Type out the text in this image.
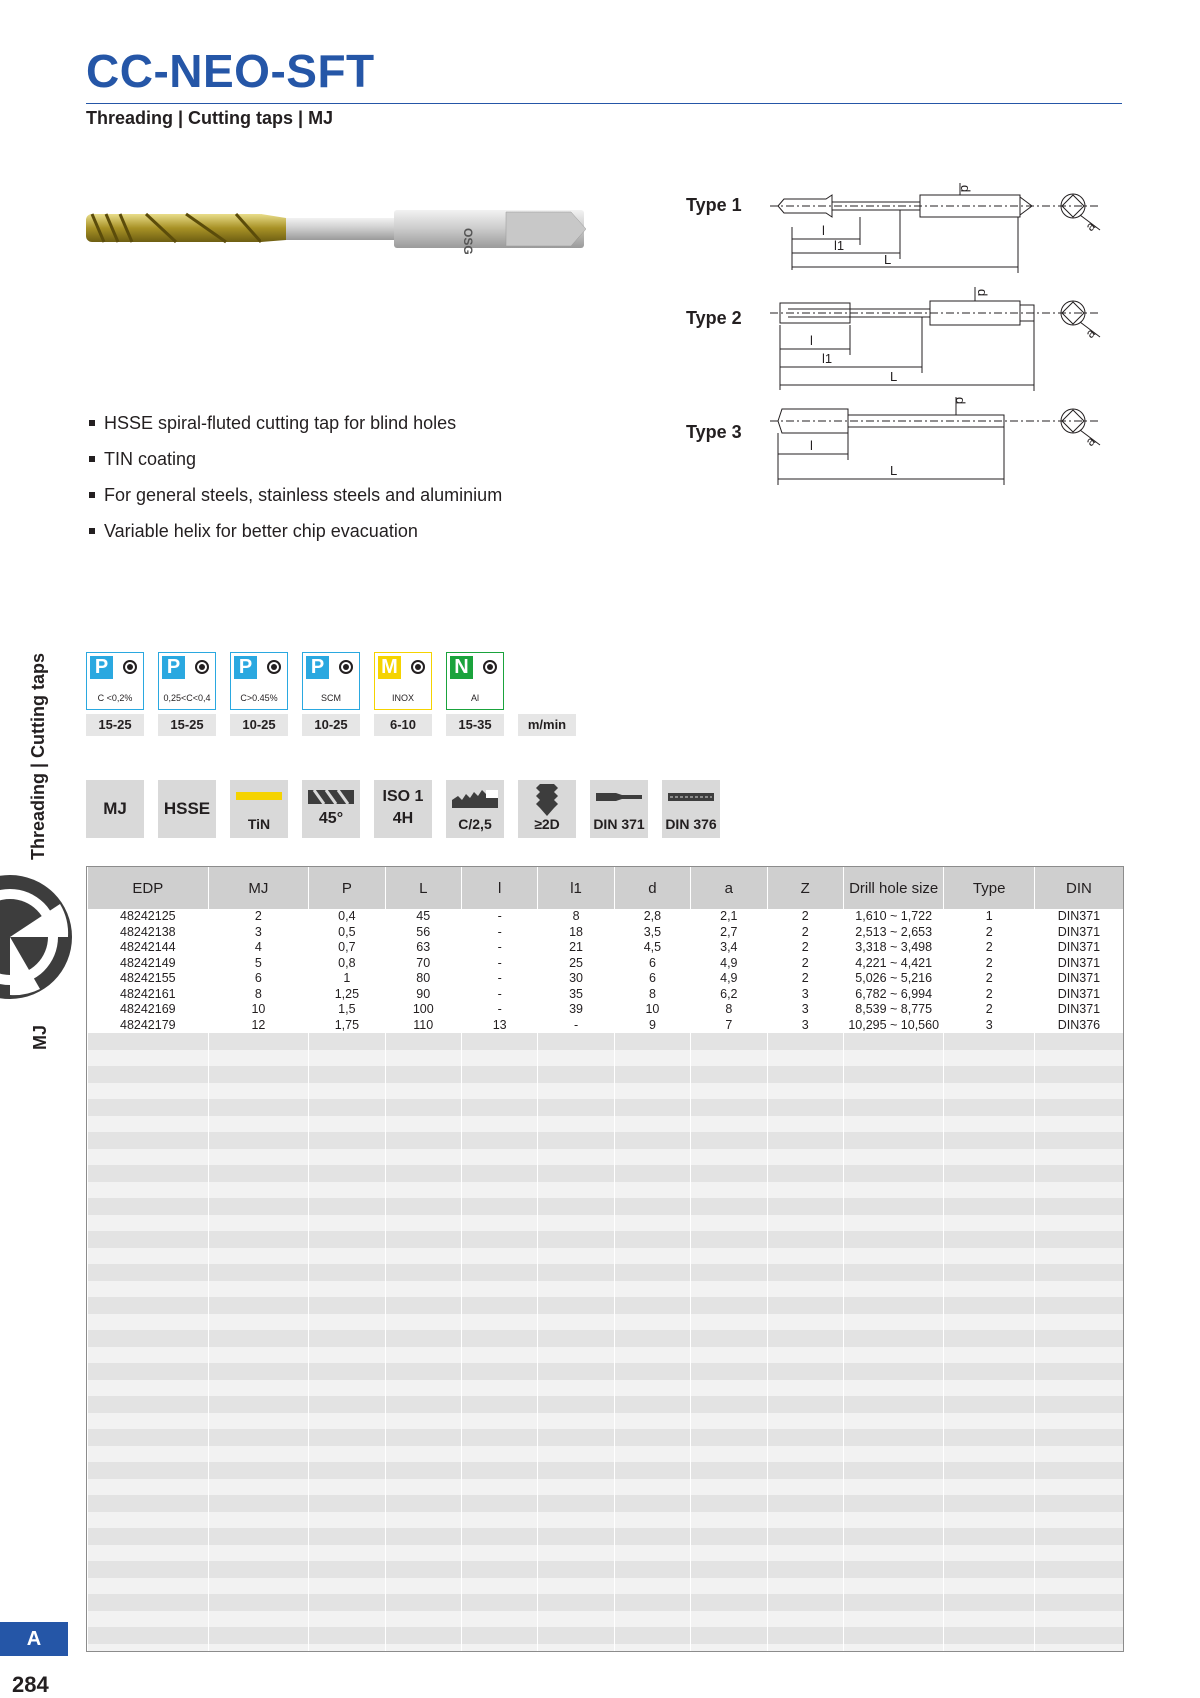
CC-NEO-SFT
Threading | Cutting taps | MJ
Threading | Cutting taps
MJ
A
284
OSG
HSSE spiral-fluted cutting tap for blind holes
TIN coating
For general steels, stainless steels and aluminium
Variable helix for better chip evacuation
Type 1
Type 2
Type 3
l
l1
L
d
a
l
l1
L
d
a
l
L
d
a
P
C <0,2%
P
0,25<C<0,4
P
C>0.45%
P
SCM
M
INOX
N
Al
15-25	15-25	10-25	10-25	6-10	15-35	m/min
MJ	HSSE
TiN	45°
ISO 1
4H	C/2,5	≥2D	DIN 371 DIN 376
EDP	MJ	P	L	l	l1	d	a	Z	Drill hole size	Type	DIN
48242125	2	0,4	45	-	8	2,8	2,1	2	1,610 ~ 1,722	1	DIN371
48242138	3	0,5	56	-	18	3,5	2,7	2	2,513 ~ 2,653	2	DIN371
48242144	4	0,7	63	-	21	4,5	3,4	2	3,318 ~ 3,498	2	DIN371
48242149	5	0,8	70	-	25	6	4,9	2	4,221 ~ 4,421	2	DIN371
48242155	6	1	80	-	30	6	4,9	2	5,026 ~ 5,216	2	DIN371
48242161	8	1,25	90	-	35	8	6,2	3	6,782 ~ 6,994	2	DIN371
48242169	10	1,5	100	-	39	10	8	3	8,539 ~ 8,775	2	DIN371
48242179	12	1,75	110	13	-	9	7	3	10,295 ~ 10,560	3	DIN376
